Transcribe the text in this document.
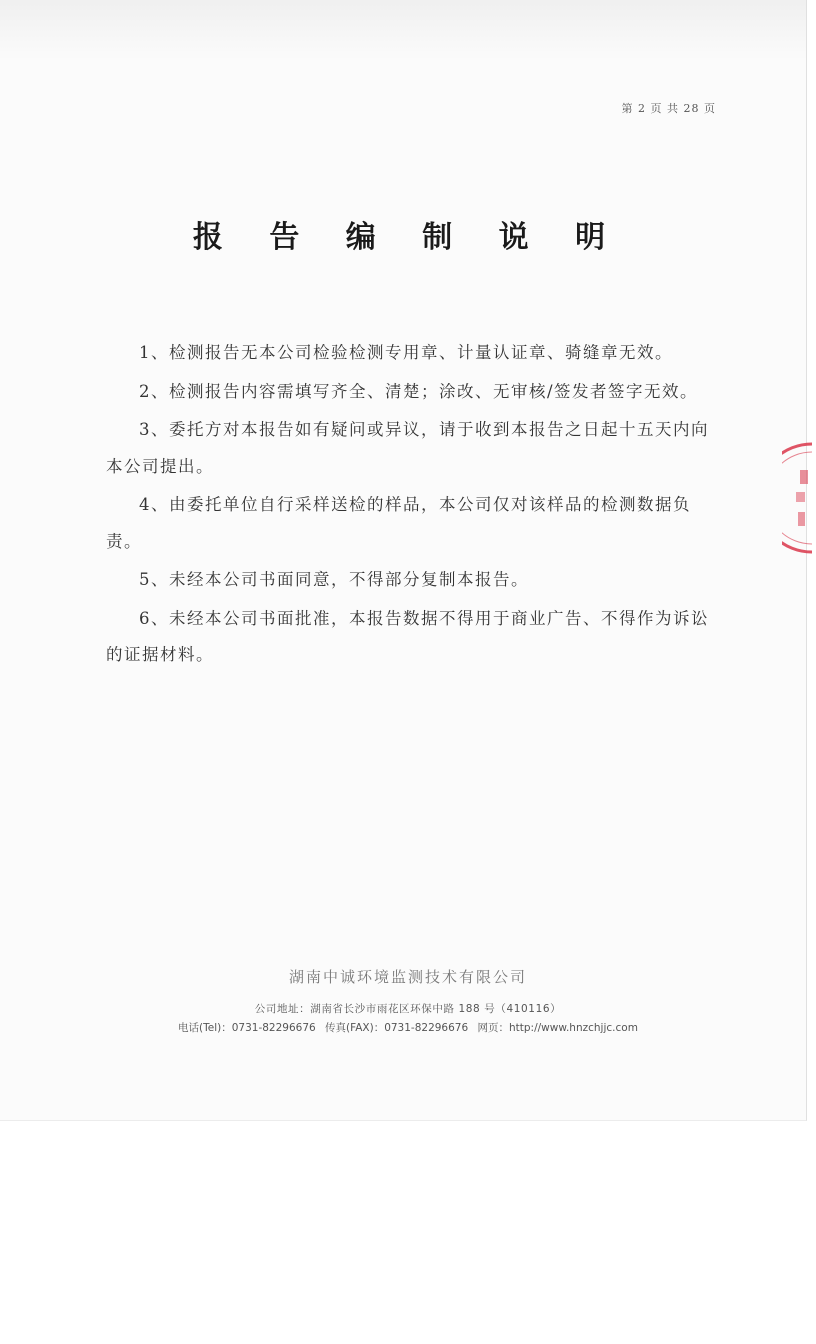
第 2 页 共 28 页
报 告 编 制 说 明

1、检测报告无本公司检验检测专用章、计量认证章、骑缝章无效。

2、检测报告内容需填写齐全、清楚；涂改、无审核/签发者签字无效。

3、委托方对本报告如有疑问或异议，请于收到本报告之日起十五天内向本公司提出。

4、由委托单位自行采样送检的样品，本公司仅对该样品的检测数据负责。

5、未经本公司书面同意，不得部分复制本报告。

6、未经本公司书面批准，本报告数据不得用于商业广告、不得作为诉讼的证据材料。

湖南中诚环境监测技术有限公司
公司地址：湖南省长沙市雨花区环保中路 188 号（410116）
电话(Tel)：0731-82296676 传真(FAX)：0731-82296676 网页：http://www.hnzchjjc.com
